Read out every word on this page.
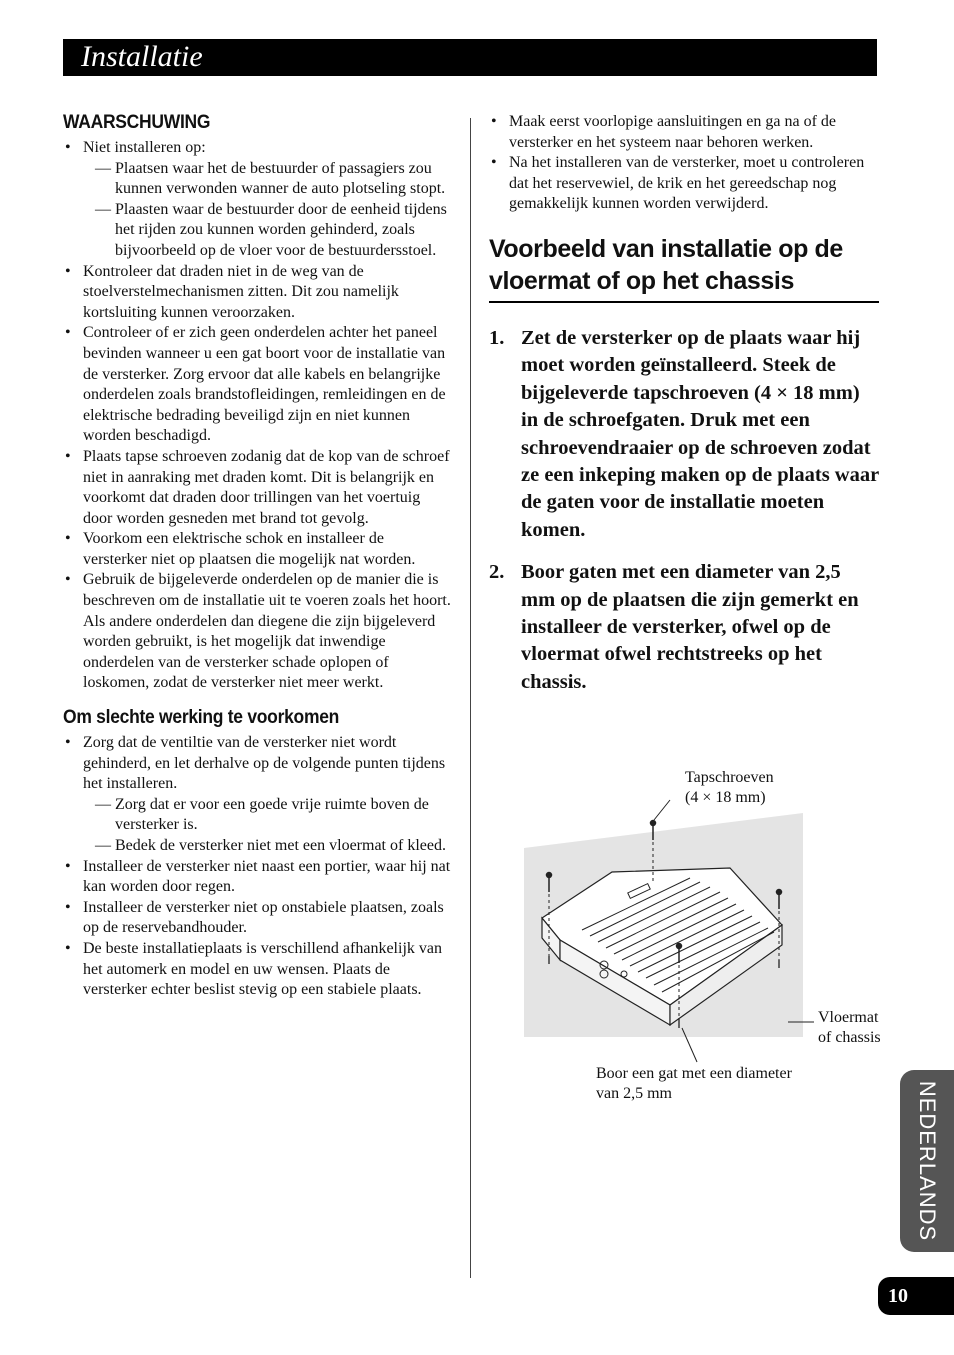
Installatie
WAARSCHUWING
• Niet installeren op:
— Plaatsen waar het de bestuurder of passagiers zou kunnen verwonden wanner de auto plotseling stopt.
— Plaasten waar de bestuurder door de eenheid tijdens het rijden zou kunnen worden gehinderd, zoals bijvoorbeeld op de vloer voor de bestuurdersstoel.
• Kontroleer dat draden niet in de weg van de stoelverstelmechanismen zitten. Dit zou namelijk kortsluiting kunnen veroorzaken.
• Controleer of er zich geen onderdelen achter het paneel bevinden wanneer u een gat boort voor de installatie van de versterker. Zorg ervoor dat alle kabels en belangrijke onderdelen zoals brandstofleidingen, remleidingen en de elektrische bedrading beveiligd zijn en niet kunnen worden beschadigd.
• Plaats tapse schroeven zodanig dat de kop van de schroef niet in aanraking met draden komt. Dit is belangrijk en voorkomt dat draden door trillingen van het voertuig door worden gesneden met brand tot gevolg.
• Voorkom een elektrische schok en installeer de versterker niet op plaatsen die mogelijk nat worden.
• Gebruik de bijgeleverde onderdelen op de manier die is beschreven om de installatie uit te voeren zoals het hoort. Als andere onderdelen dan diegene die zijn bijgeleverd worden gebruikt, is het mogelijk dat inwendige onderdelen van de versterker schade oplopen of loskomen, zodat de versterker niet meer werkt.
Om slechte werking te voorkomen
• Zorg dat de ventiltie van de versterker niet wordt gehinderd, en let derhalve op de volgende punten tijdens het installeren.
— Zorg dat er voor een goede vrije ruimte boven de versterker is.
— Bedek de versterker niet met een vloermat of kleed.
• Installeer de versterker niet naast een portier, waar hij nat kan worden door regen.
• Installeer de versterker niet op onstabiele plaatsen, zoals op de reservebandhouder.
• De beste installatieplaats is verschillend afhankelijk van het automerk en model en uw wensen. Plaats de versterker echter beslist stevig op een stabiele plaats.
• Maak eerst voorlopige aansluitingen en ga na of de versterker en het systeem naar behoren werken.
• Na het installeren van de versterker, moet u controleren dat het reservewiel, de krik en het gereedschap nog gemakkelijk kunnen worden verwijderd.
Voorbeeld van installatie op de vloermat of op het chassis
1. Zet de versterker op de plaats waar hij moet worden geïnstalleerd. Steek de bijgeleverde tapschroeven (4 × 18 mm) in de schroefgaten. Druk met een schroevendraaier op de schroeven zodat ze een inkeping maken op de plaats waar de gaten voor de installatie moeten komen.
2. Boor gaten met een diameter van 2,5 mm op de plaatsen die zijn gemerkt en installeer de versterker, ofwel op de vloermat ofwel rechtstreeks op het chassis.
Tapschroeven
(4 × 18 mm)
Vloermat
of chassis
Boor een gat met een diameter
van 2,5 mm	NEDERLANDS
10
